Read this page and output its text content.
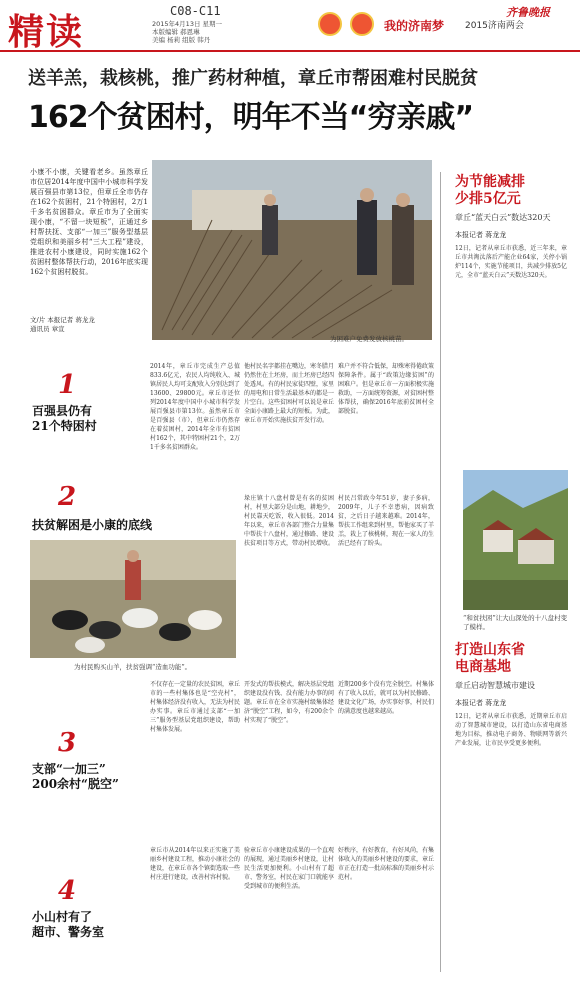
精读
C08-C11
2015年4月13日 星期一
本版编辑 郝恩琳
美编 杨莉 组版 韩丹
我的济南梦 2015济南两会
齐鲁晚报
送羊羔，栽核桃，推广药材种植，章丘市帮困难村民脱贫
162个贫困村，明年不当“穷亲戚”
小康不小康，关键看老乡。虽然章丘市位居2014年度中国中小城市科学发展百强县市第13位，但章丘全市仍存在162个贫困村，21个特困村，2万1千多名贫困群众。章丘市为了全面实现小康，“不留一块短板”，正通过乡村帮扶抚、支部“一加三”服务型基层党组织和美丽乡村“三大工程”建设，推进农村小康建设，同时实施162个贫困村整体帮扶行动，2016年底实现162个贫困村脱贫。
文/片 本报记者 蒋龙龙
通讯员 章宣
为困难户免费发放核桃苗。
为节能减排
少排5亿元
章丘“蓝天白云”数达320天
本报记者 蒋龙龙
12日，记者从章丘市获悉，近三年来，章丘市共淘汰落后产能企业64家，关停小锅炉114个，实施节能项目，共减少排放5亿元，全市“蓝天白云”天数达320天。
“和贫扶困”让大山深处的十八盘村变了模样。
打造山东省
电商基地
章丘启动智慧城市建设
本报记者 蒋龙龙
12日，记者从章丘市获悉，近期章丘市启动了智慧城市建设，以打造山东省电商基地为目标，推动电子商务、物联网等新兴产业发展，让市民享受更多便利。
1
百强县仍有
21个特困村
2014年，章丘市完成生产总值833.6亿元，农民人均纯收入、城镇居民人均可支配收入分别达到了13600、29800元。章丘市还位列2014年度中国中小城市科学发展百强县市第13位。虽然章丘市是百强县（市），但章丘市仍然存在着贫困村，2014年全市有贫困村162个，其中特困村21个，2万1千多名贫困群众。
他村民名字都挂在嘴边，寒冬腊月仍然住在土坯房，而土坯房已经四处透风。有的村民家徒四壁，家里的用电和日常生活最基本的都是一片空白。这些贫困村可以说是章丘全面小康路上最大的短板。为此，章丘市开始实施扶贫开发行动。
难户并不符合低保，却殊寒得倦政策保障条件。属于“政策边缘贫困”的困难户。但是章丘市一方面积极实施救助，一方面统筹资源，对贫困村整体帮扶，确保2016年底前贫困村全部脱贫。
2
扶贫解困是小康的底线
为村民购买山羊，扶贫强调“造血功能”。
垛庄镇十八盘村曾是有名的贫困村，村里大部分是山地，耕地少，村民靠天吃饭，收入很低。2014年以来，章丘市各部门整合力量集中帮扶十八盘村，通过修路、建设扶贫项目等方式，带动村民增收。
村民吕常政今年51岁，妻子多病，2009年，儿子不幸患病，因病致贫，之后日子越来越难。2014年，帮扶工作组来到村里，帮他家买了羊羔，栽上了核桃树，现在一家人的生活已经有了盼头。
3
支部“一加三”
200余村“脱空”
不仅存在一定量的农民贫困，章丘市的一些村集体也是“空壳村”，村集体经济没有收入，无法为村民办实事。章丘市通过支部“一加三”服务型基层党组织建设，帮助村集体发展。
开发式的帮扶模式，解决基层党组织建设没有钱、没有能力办事的问题。章丘市在全市实施村级集体经济“脱空”工程，如今，有200余个村实现了“脱空”。
近期200多个没有完全脱空。村集体有了收入以后，就可以为村民修路、建设文化广场，办实事好事，村民们的满意度也越来越高。
4
小山村有了
超市、警务室
章丘市从2014年以来正实施了美丽乡村建设工程，推动小康社会的建设，在章丘市各个镇街选取一些村庄进行建设，改善村容村貌。
验章丘市小康建设成果的一个直观的展现，通过美丽乡村建设，让村民生活更加便利。小山村有了超市、警务室，村民在家门口就能享受到城市的便利生活。
好秩序，有好教育，有好风尚，有集体收入的美丽乡村建设的要求，章丘市正在打造一批高标准的美丽乡村示范村。
